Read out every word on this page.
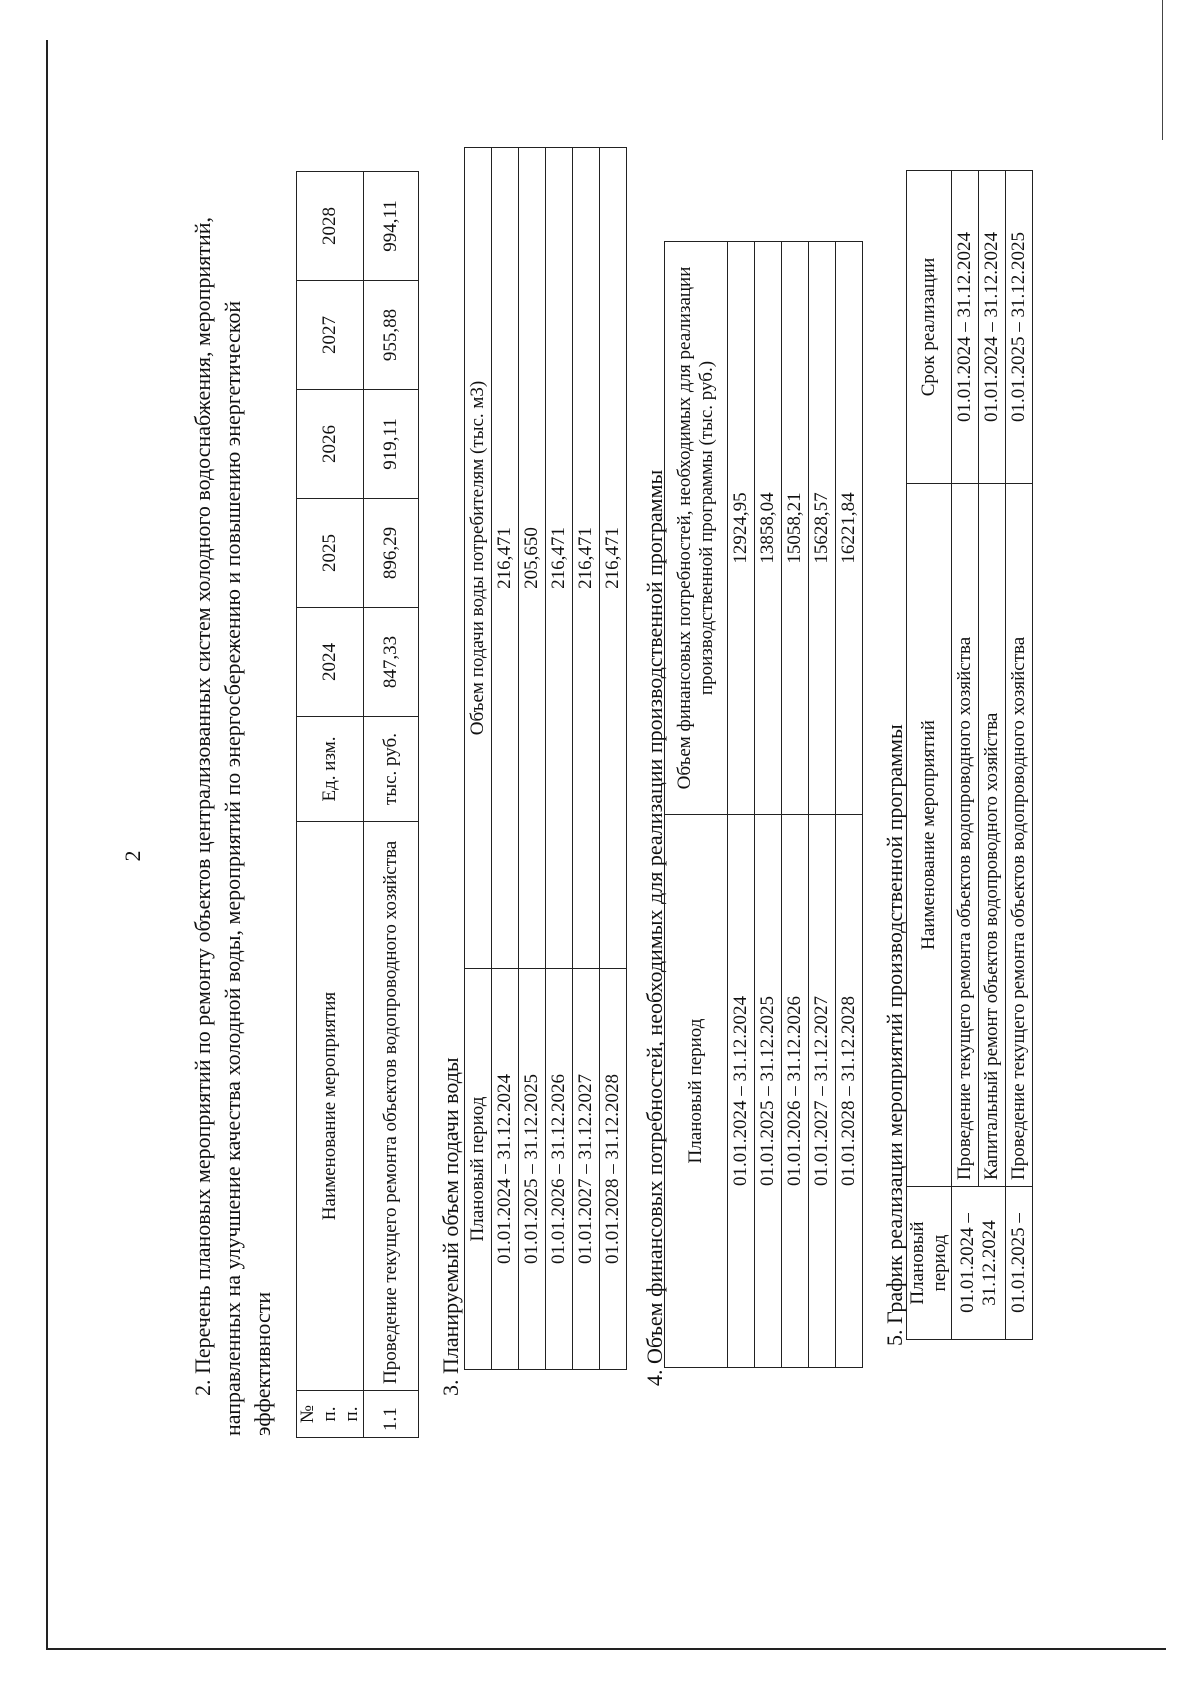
2 2. Перечень плановых мероприятий по ремонту объектов централизованных систем холодного водоснабжения, мероприятий, направленных на улучшение качества холодной воды, мероприятий по энергосбережению и повышению энергетической эффективности № п. п.	Наименование мероприятия	Ед. изм.	2024	2025	2026	2027	2028
1.1	Проведение текущего ремонта объектов водопроводного хозяйства	тыс. руб.	847,33	896,29	919,11	955,88	994,11
3. Планируемый объем подачи воды Плановый период	Объем подачи воды потребителям (тыс. м3)
01.01.2024 – 31.12.2024	216,471
01.01.2025 – 31.12.2025	205,650
01.01.2026 – 31.12.2026	216,471
01.01.2027 – 31.12.2027	216,471
01.01.2028 – 31.12.2028	216,471 4. Объем финансовых потребностей, необходимых для реализации производственной программы Плановый период	Объем финансовых потребностей, необходимых для реализации производственной программы (тыс. руб.)
01.01.2024 – 31.12.2024	12924,95
01.01.2025 – 31.12.2025	13858,04
01.01.2026 – 31.12.2026	15058,21
01.01.2027 – 31.12.2027	15628,57
01.01.2028 – 31.12.2028	16221,84
5. График реализации мероприятий производственной программы Плановый период	Наименование мероприятий	Срок реализации
01.01.2024 – 31.12.2024	Проведение текущего ремонта объектов водопроводного хозяйства	01.01.2024 – 31.12.2024
	Капитальный ремонт объектов водопроводного хозяйства	01.01.2024 – 31.12.2024
01.01.2025 –	Проведение текущего ремонта объектов водопроводного хозяйства	01.01.2025 – 31.12.2025
